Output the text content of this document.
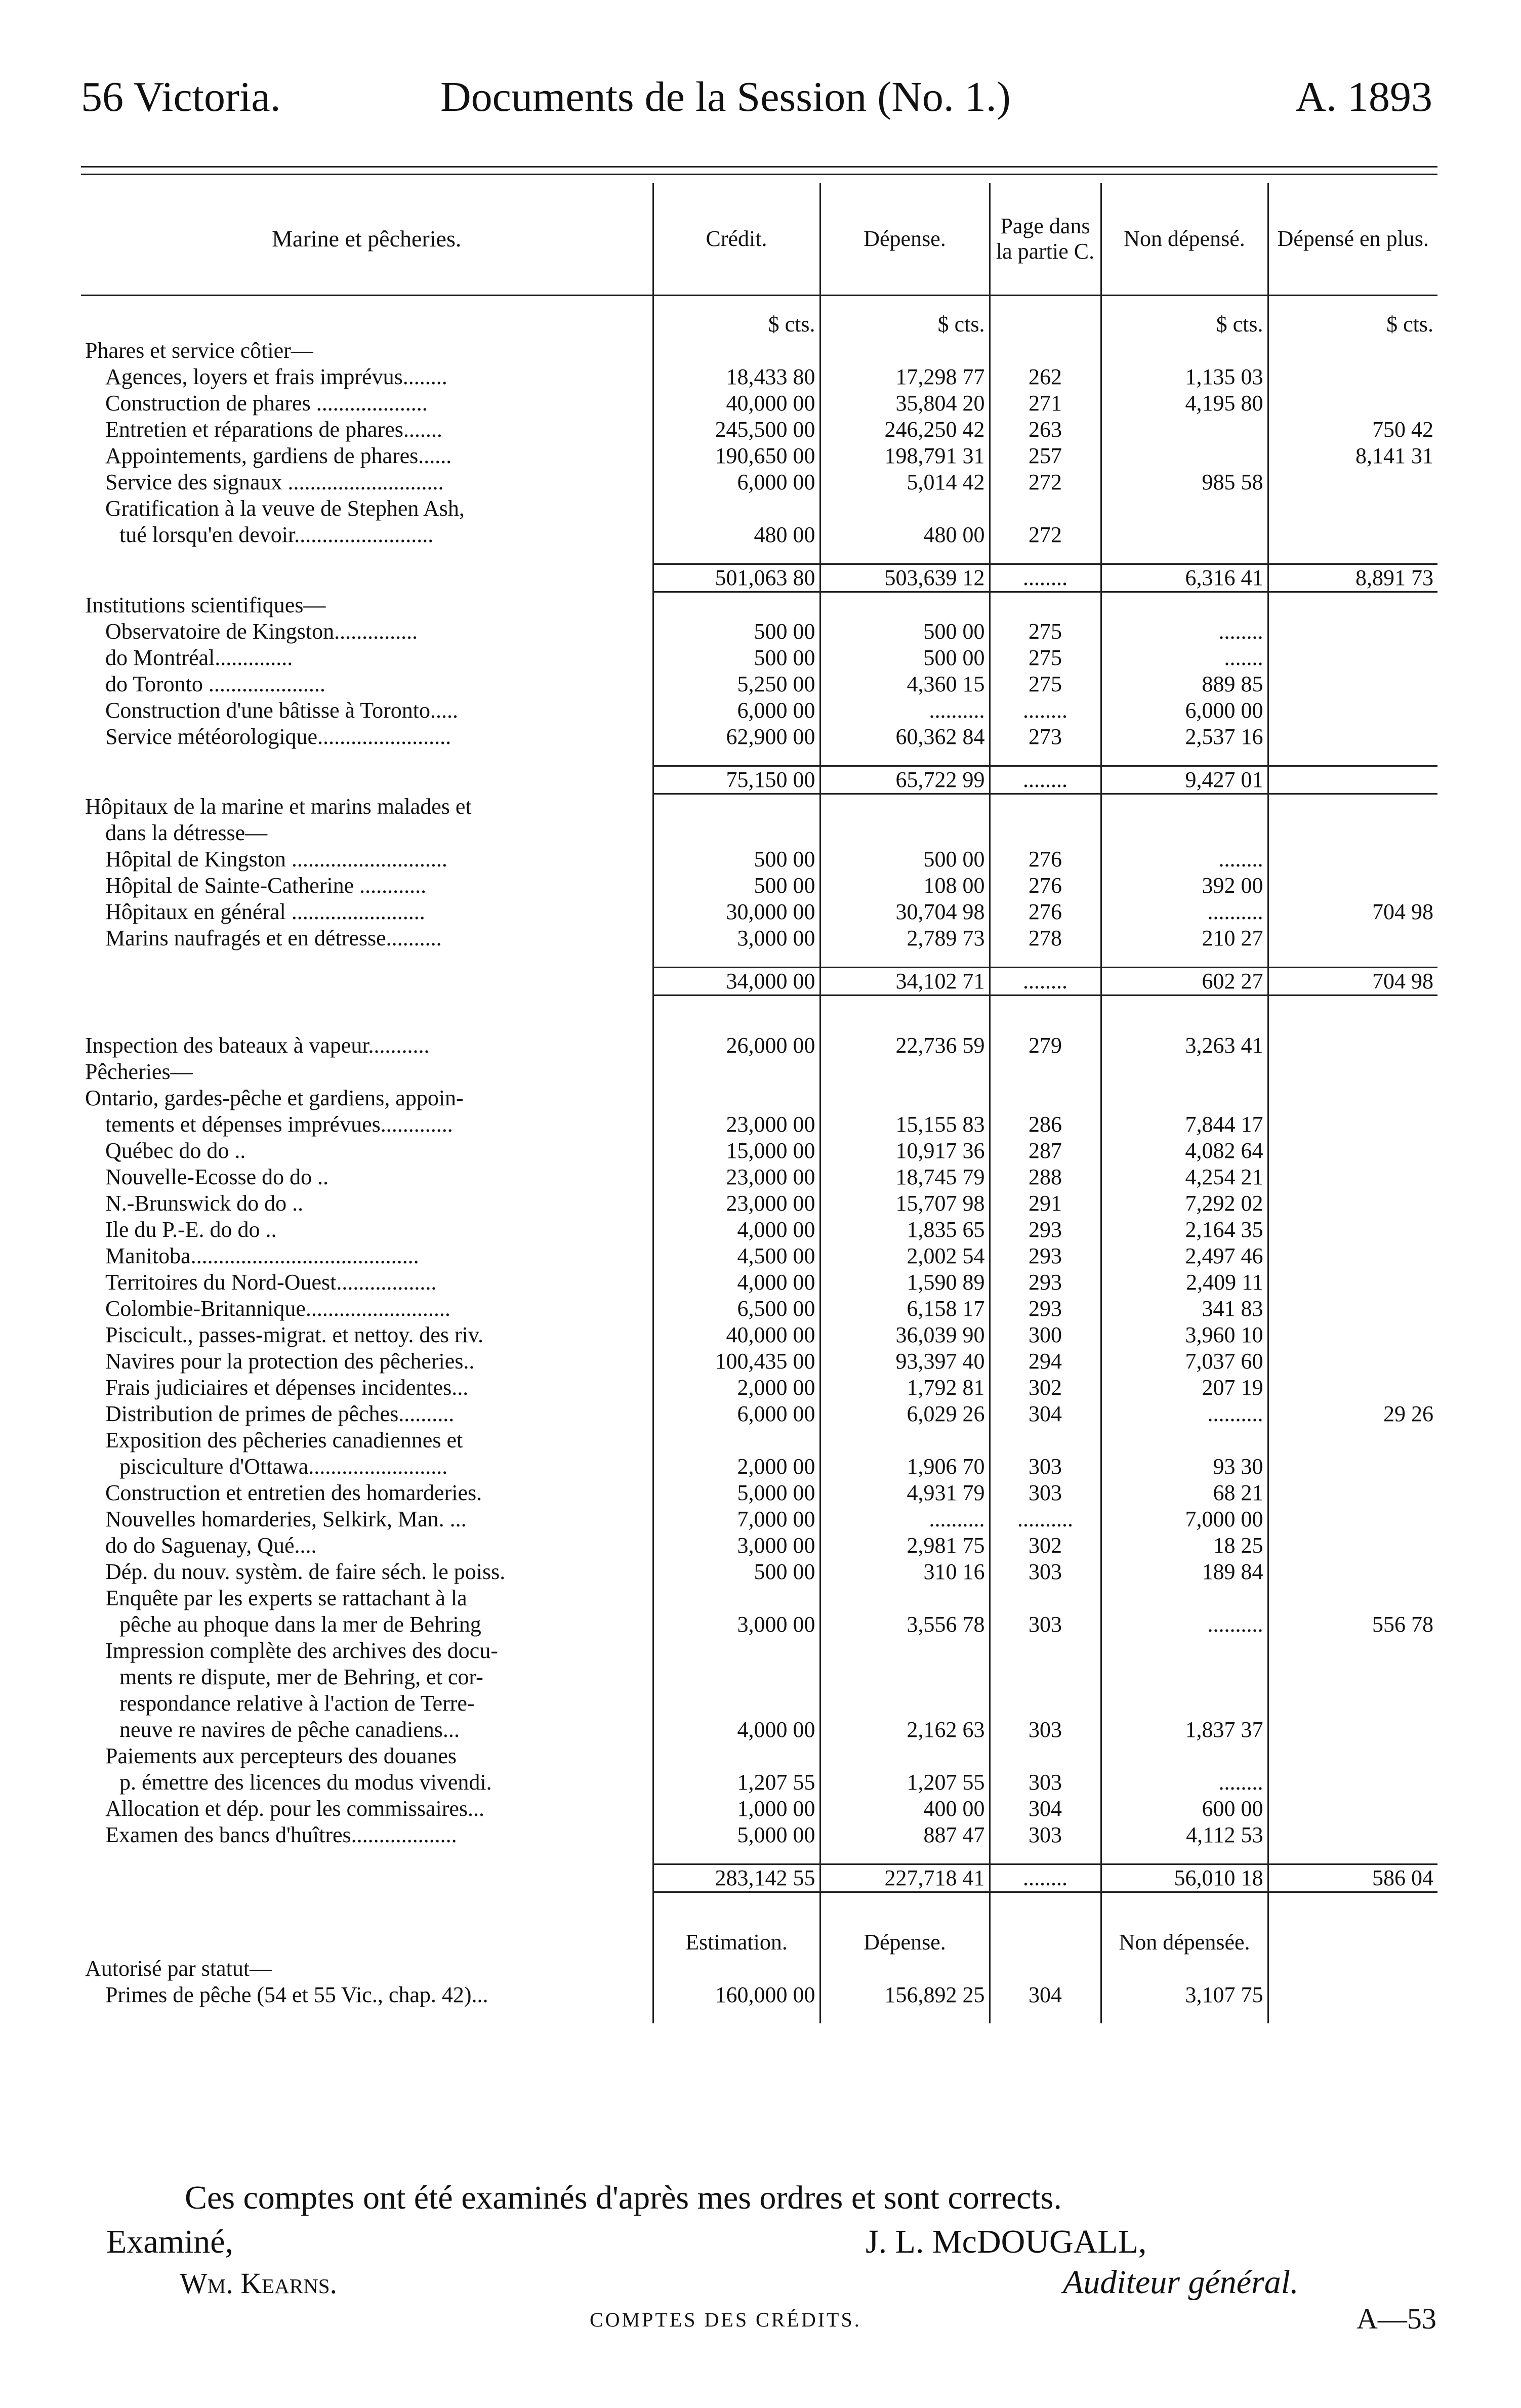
56 Victoria.	Documents de la Session (No. 1.)	A. 1893
Marine et pêcheries.	Crédit.	Dépense.	Page dans la partie C.	Non dépensé.	Dépensé en plus.

	$ cts.	$ cts.		$ cts.	$ cts.
Phares et service côtier—					
Agences, loyers et frais imprévus........	18,433 80	17,298 77	262	1,135 03	
Construction de phares ....................	40,000 00	35,804 20	271	4,195 80	
Entretien et réparations de phares.......	245,500 00	246,250 42	263		750 42
Appointements, gardiens de phares......	190,650 00	198,791 31	257		8,141 31
Service des signaux ............................	6,000 00	5,014 42	272	985 58	
Gratification à la veuve de Stephen Ash,					
tué lorsqu'en devoir.........................	480 00	480 00	272		

	501,063 80	503,639 12	........	6,316 41	8,891 73
Institutions scientifiques—					
Observatoire de Kingston...............	500 00	500 00	275	........	
do Montréal..............	500 00	500 00	275	.......	
do Toronto .....................	5,250 00	4,360 15	275	889 85	
Construction d'une bâtisse à Toronto.....	6,000 00	..........	........	6,000 00	
Service météorologique........................	62,900 00	60,362 84	273	2,537 16	

	75,150 00	65,722 99	........	9,427 01	
Hôpitaux de la marine et marins malades et					
dans la détresse—					
Hôpital de Kingston ............................	500 00	500 00	276	........	
Hôpital de Sainte-Catherine ............	500 00	108 00	276	392 00	
Hôpitaux en général ........................	30,000 00	30,704 98	276	..........	704 98
Marins naufragés et en détresse..........	3,000 00	2,789 73	278	210 27	

	34,000 00	34,102 71	........	602 27	704 98

Inspection des bateaux à vapeur...........	26,000 00	22,736 59	279	3,263 41	
Pêcheries—					
Ontario, gardes-pêche et gardiens, appoin-					
tements et dépenses imprévues.............	23,000 00	15,155 83	286	7,844 17	
Québec do do ..	15,000 00	10,917 36	287	4,082 64	
Nouvelle-Ecosse do do ..	23,000 00	18,745 79	288	4,254 21	
N.-Brunswick do do ..	23,000 00	15,707 98	291	7,292 02	
Ile du P.-E. do do ..	4,000 00	1,835 65	293	2,164 35	
Manitoba.........................................	4,500 00	2,002 54	293	2,497 46	
Territoires du Nord-Ouest..................	4,000 00	1,590 89	293	2,409 11	
Colombie-Britannique..........................	6,500 00	6,158 17	293	341 83	
Piscicult., passes-migrat. et nettoy. des riv.	40,000 00	36,039 90	300	3,960 10	
Navires pour la protection des pêcheries..	100,435 00	93,397 40	294	7,037 60	
Frais judiciaires et dépenses incidentes...	2,000 00	1,792 81	302	207 19	
Distribution de primes de pêches..........	6,000 00	6,029 26	304	..........	29 26
Exposition des pêcheries canadiennes et					
pisciculture d'Ottawa.........................	2,000 00	1,906 70	303	93 30	
Construction et entretien des homarderies.	5,000 00	4,931 79	303	68 21	
Nouvelles homarderies, Selkirk, Man. ...	7,000 00	..........	..........	7,000 00	
do do Saguenay, Qué....	3,000 00	2,981 75	302	18 25	
Dép. du nouv. systèm. de faire séch. le poiss.	500 00	310 16	303	189 84	
Enquête par les experts se rattachant à la					
pêche au phoque dans la mer de Behring	3,000 00	3,556 78	303	..........	556 78
Impression complète des archives des docu-					
ments re dispute, mer de Behring, et cor-					
respondance relative à l'action de Terre-					
neuve re navires de pêche canadiens...	4,000 00	2,162 63	303	1,837 37	
Paiements aux percepteurs des douanes					
p. émettre des licences du modus vivendi.	1,207 55	1,207 55	303	........	
Allocation et dép. pour les commissaires...	1,000 00	400 00	304	600 00	
Examen des bancs d'huîtres...................	5,000 00	887 47	303	4,112 53	

	283,142 55	227,718 41	........	56,010 18	586 04

	Estimation.	Dépense.		Non dépensée.	
Autorisé par statut—					
Primes de pêche (54 et 55 Vic., chap. 42)...	160,000 00	156,892 25	304	3,107 75	

Ces comptes ont été examinés d'après mes ordres et sont corrects.
Examiné,	J. L. McDOUGALL,
Wm. Kearns.	Auditeur général.
COMPTES DES CRÉDITS.	A—53
